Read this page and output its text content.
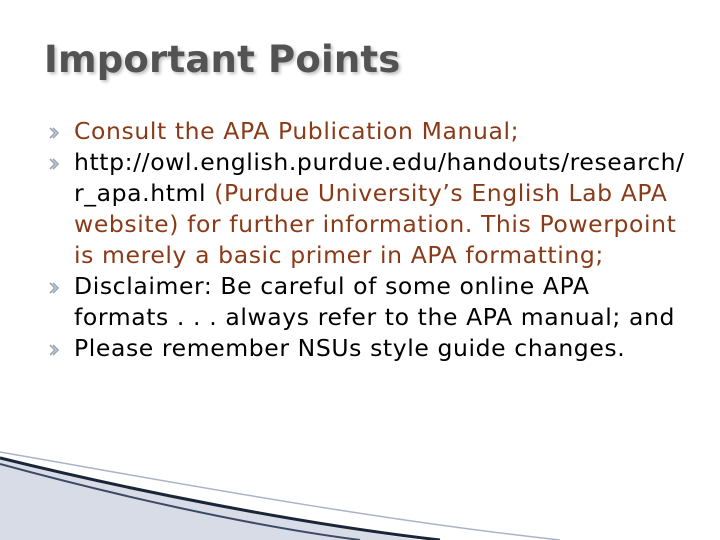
Important Points
Consult the APA Publication Manual;
http://owl.english.purdue.edu/handouts/research/r_apa.html (Purdue University’s English Lab APA website) for further information. This Powerpoint is merely a basic primer in APA formatting;
Disclaimer: Be careful of some online APA formats . . . always refer to the APA manual; and
Please remember NSUs style guide changes.
